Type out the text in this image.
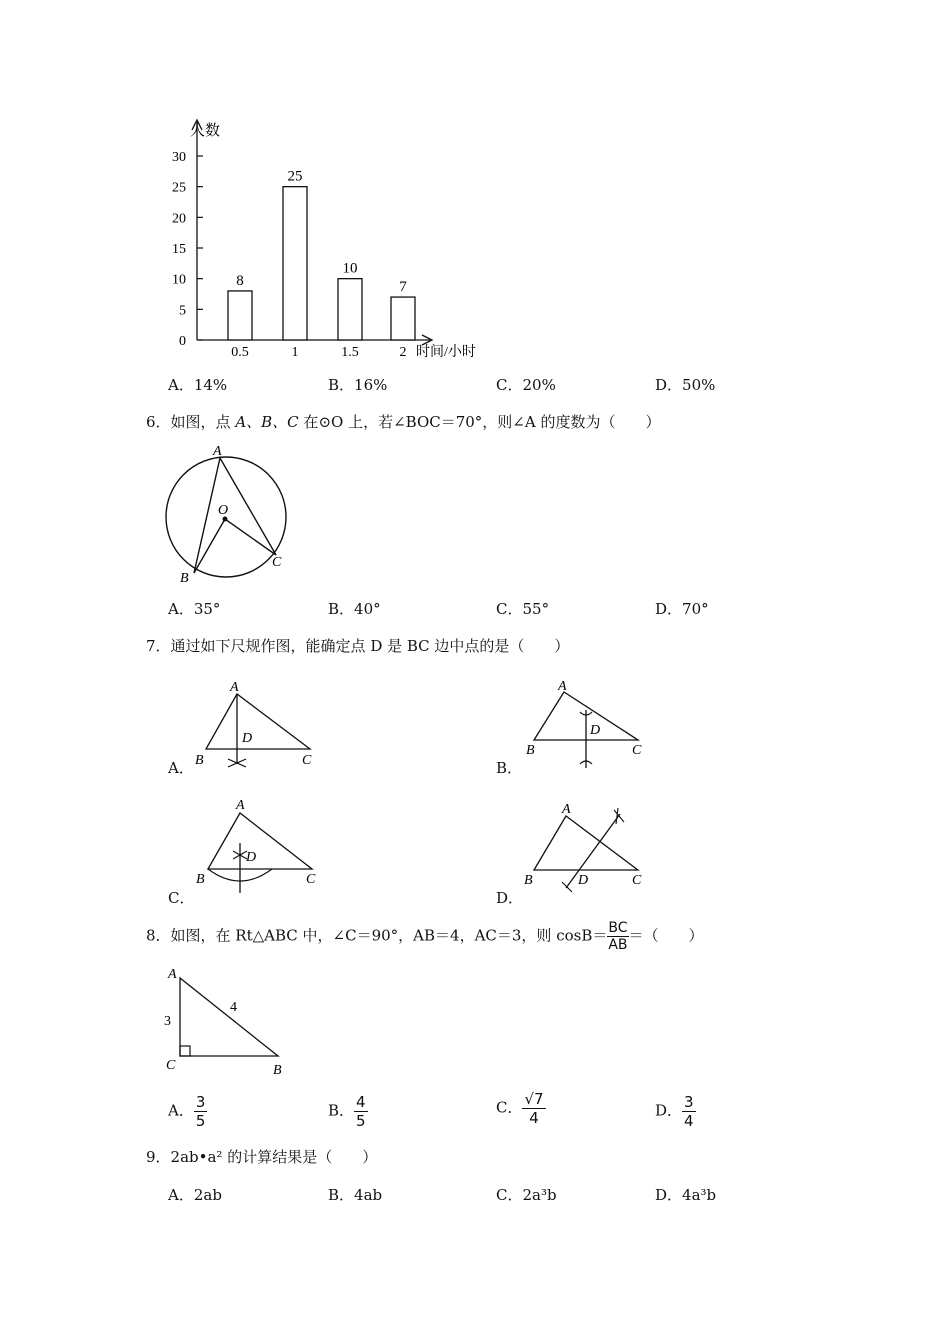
人数
时间/小时
30
25
20
15
10
5
0
8
0.5
25
1
10
1.5
7
2
A．14%	B．16%	C．20%	D．50%
6．如图，点 A、B、C 在⊙O 上，若∠BOC＝70°，则∠A 的度数为（　　）
A
O
B
C
A．35°	B．40°	C．55°	D．70°
7．通过如下尺规作图，能确定点 D 是 BC 边中点的是（　　）
A．
A
D
B	C	B．
A
D
B	C
C．
A
D
B	C
D．
A
D
B	C
8．如图，在 Rt△ABC 中，∠C＝90°，AB＝4，AC＝3，则 $\cos B= \frac{BC}{AB}$ ＝（　　）
A
C	B
3
4
A． $\frac{3}{5}$	B． $\frac{4}{5}$	C． $\frac{√7}{4}$	D． $\frac{3}{4}$
9．2ab•a² 的计算结果是（　　）
A．2ab	B．4ab	C．2a³b	D．4a³b
